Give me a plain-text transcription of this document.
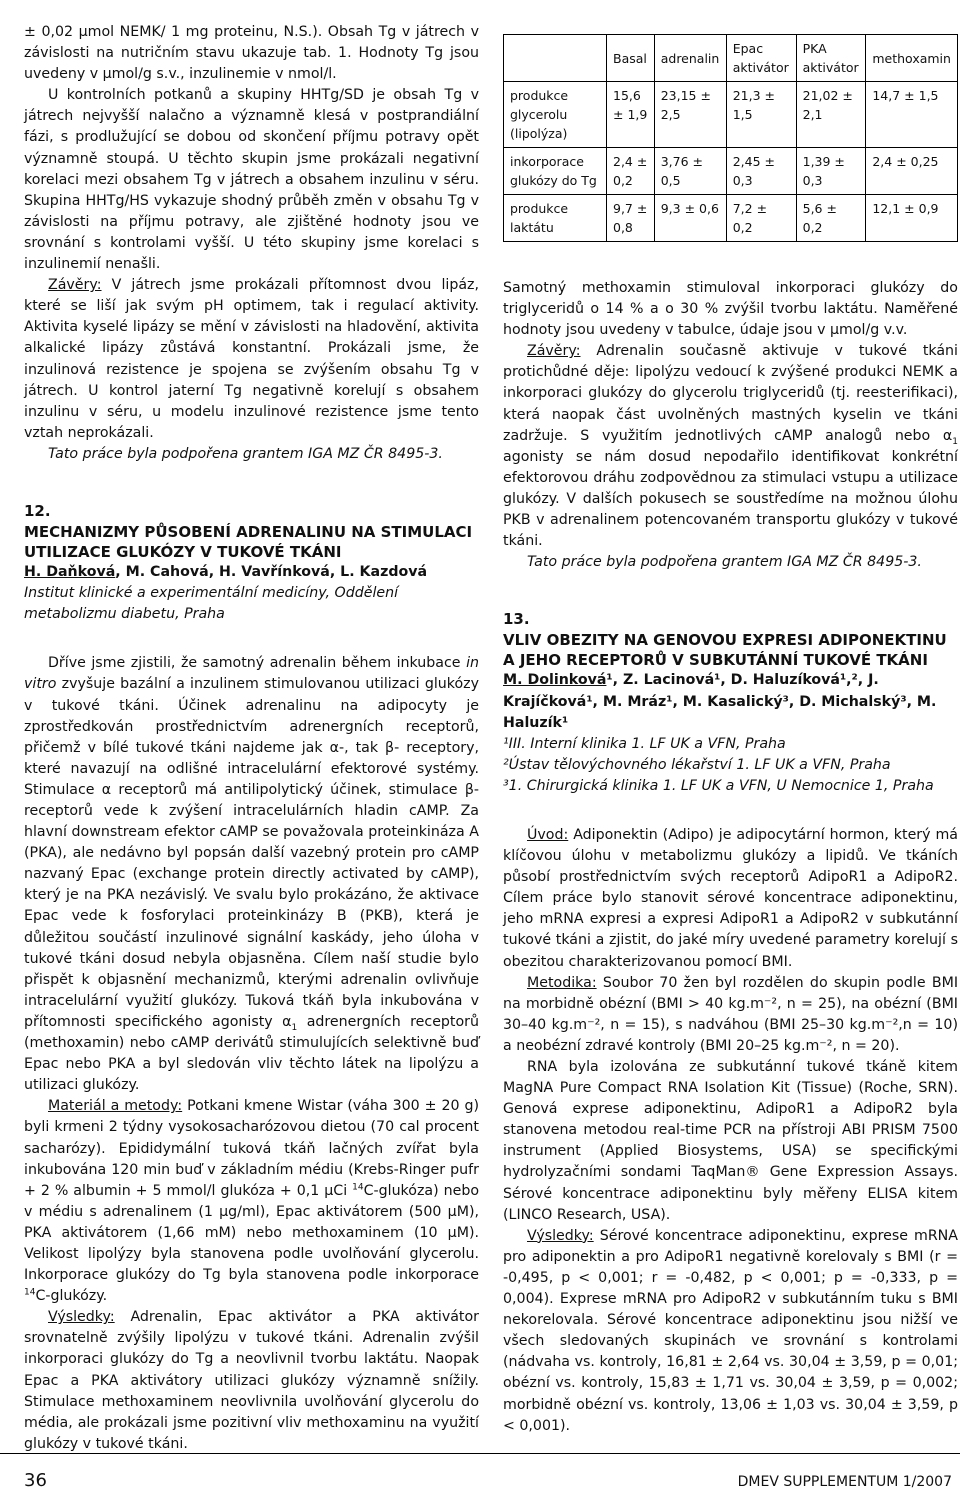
± 0,02 µmol NEMK/ 1 mg proteinu, N.S.). Obsah Tg v játrech v závislosti na nutričním stavu ukazuje tab. 1. Hodnoty Tg jsou uvedeny v µmol/g s.v., inzulinemie v nmol/l.

U kontrolních potkanů a skupiny HHTg/SD je obsah Tg v játrech nejvyšší nalačno a významně klesá v postprandiální fázi, s prodlužující se dobou od skončení příjmu potravy opět významně stoupá. U těchto skupin jsme prokázali negativní korelaci mezi obsahem Tg v játrech a obsahem inzulinu v séru. Skupina HHTg/HS vykazuje shodný průběh změn v obsahu Tg v závislosti na příjmu potravy, ale zjištěné hodnoty jsou ve srovnání s kontrolami vyšší. U této skupiny jsme korelaci s inzulinemií nenašli.

Závěry: V játrech jsme prokázali přítomnost dvou lipáz, které se liší jak svým pH optimem, tak i regulací aktivity. Aktivita kyselé lipázy se mění v závislosti na hladovění, aktivita alkalické lipázy zůstává konstantní. Prokázali jsme, že inzulinová rezistence je spojena se zvýšením obsahu Tg v játrech. U kontrol jaterní Tg negativně korelují s obsahem inzulinu v séru, u modelu inzulinové rezistence jsme tento vztah neprokázali.

Tato práce byla podpořena grantem IGA MZ ČR 8495-3.

12.
MECHANIZMY PŮSOBENÍ ADRENALINU NA STIMULACI UTILIZACE GLUKÓZY V TUKOVÉ TKÁNI
H. Daňková, M. Cahová, H. Vavřínková, L. Kazdová
Institut klinické a experimentální medicíny, Oddělení metabolizmu diabetu, Praha

Dříve jsme zjistili, že samotný adrenalin během inkubace in vitro zvyšuje bazální a inzulinem stimulovanou utilizaci glukózy v tukové tkáni. Účinek adrenalinu na adipocyty je zprostředkován prostřednictvím adrenergních receptorů, přičemž v bílé tukové tkáni najdeme jak α-, tak β- receptory, které navazují na odlišné intracelulární efektorové systémy. Stimulace α receptorů má antilipolytický účinek, stimulace β- receptorů vede k zvýšení intracelulárních hladin cAMP. Za hlavní downstream efektor cAMP se považovala proteinkináza A (PKA), ale nedávno byl popsán další vazebný protein pro cAMP nazvaný Epac (exchange protein directly activated by cAMP), který je na PKA nezávislý. Ve svalu bylo prokázáno, že aktivace Epac vede k fosforylaci proteinkinázy B (PKB), která je důležitou součástí inzulinové signální kaskády, jeho úloha v tukové tkáni dosud nebyla objasněna. Cílem naší studie bylo přispět k objasnění mechanizmů, kterými adrenalin ovlivňuje intracelulární využití glukózy. Tuková tkáň byla inkubována v přítomnosti specifického agonisty $\alpha_1$ adrenergních receptorů (methoxamin) nebo cAMP derivátů stimulujících selektivně buď Epac nebo PKA a byl sledován vliv těchto látek na lipolýzu a utilizaci glukózy.

Materiál a metody: Potkani kmene Wistar (váha 300 ± 20 g) byli krmeni 2 týdny vysokosacharózovou dietou (70 cal procent sacharózy). Epididymální tuková tkáň lačných zvířat byla inkubována 120 min buď v základním médiu (Krebs-Ringer pufr + 2 % albumin + 5 mmol/l glukóza + 0,1 µCi $^{14}$C-glukóza) nebo v médiu s adrenalinem (1 µg/ml), Epac aktivátorem (500 µM), PKA aktivátorem (1,66 mM) nebo methoxaminem (10 µM). Velikost lipolýzy byla stanovena podle uvolňování glycerolu. Inkorporace glukózy do Tg byla stanovena podle inkorporace $^{14}$C-glukózy.

Výsledky: Adrenalin, Epac aktivátor a PKA aktivátor srovnatelně zvýšily lipolýzu v tukové tkáni. Adrenalin zvýšil inkorporaci glukózy do Tg a neovlivnil tvorbu laktátu. Naopak Epac a PKA aktivátory utilizaci glukózy významně snížily. Stimulace methoxaminem neovlivnila uvolňování glycerolu do média, ale prokázali jsme pozitivní vliv methoxaminu na využití glukózy v tukové tkáni.

	Basal	adrenalin	Epac aktivátor	PKA aktivátor	methoxamin
produkce glycerolu (lipolýza)	15,6 ± 1,9	23,15 ± 2,5	21,3 ± 1,5	21,02 ± 2,1	14,7 ± 1,5
inkorporace glukózy do Tg	2,4 ± 0,2	3,76 ± 0,5	2,45 ± 0,3	1,39 ± 0,3	2,4 ± 0,25
produkce laktátu	9,7 ± 0,8	9,3 ± 0,6	7,2 ± 0,2	5,6 ± 0,2	12,1 ± 0,9

Samotný methoxamin stimuloval inkorporaci glukózy do triglyceridů o 14 % a o 30 % zvýšil tvorbu laktátu. Naměřené hodnoty jsou uvedeny v tabulce, údaje jsou v µmol/g v.v.

Závěry: Adrenalin současně aktivuje v tukové tkáni protichůdné děje: lipolýzu vedoucí k zvýšené produkci NEMK a inkorporaci glukózy do glycerolu triglyceridů (tj. reesterifikaci), která naopak část uvolněných mastných kyselin ve tkáni zadržuje. S využitím jednotlivých cAMP analogů nebo $\alpha_1$ agonisty se nám dosud nepodařilo identifikovat konkrétní efektorovou dráhu zodpovědnou za stimulaci vstupu a utilizace glukózy. V dalších pokusech se soustředíme na možnou úlohu PKB v adrenalinem potencovaném transportu glukózy v tukové tkáni.

Tato práce byla podpořena grantem IGA MZ ČR 8495-3.

13.
VLIV OBEZITY NA GENOVOU EXPRESI ADIPONEKTINU A JEHO RECEPTORŮ V SUBKUTÁNNÍ TUKOVÉ TKÁNI
M. Dolinková¹, Z. Lacinová¹, D. Haluzíková¹,², J. Krajíčková¹, M. Mráz¹, M. Kasalický³, D. Michalský³, M. Haluzík¹
¹III. Interní klinika 1. LF UK a VFN, Praha
²Ústav tělovýchovného lékařství 1. LF UK a VFN, Praha
³1. Chirurgická klinika 1. LF UK a VFN, U Nemocnice 1, Praha

Úvod: Adiponektin (Adipo) je adipocytární hormon, který má klíčovou úlohu v metabolizmu glukózy a lipidů. Ve tkáních působí prostřednictvím svých receptorů AdipoR1 a AdipoR2. Cílem práce bylo stanovit sérové koncentrace adiponektinu, jeho mRNA expresi a expresi AdipoR1 a AdipoR2 v subkutánní tukové tkáni a zjistit, do jaké míry uvedené parametry korelují s obezitou charakterizovanou pomocí BMI.

Metodika: Soubor 70 žen byl rozdělen do skupin podle BMI na morbidně obézní (BMI > 40 kg.m⁻², n = 25), na obézní (BMI 30–40 kg.m⁻², n = 15), s nadváhou (BMI 25–30 kg.m⁻²,n = 10) a neobézní zdravé kontroly (BMI 20–25 kg.m⁻², n = 20).

RNA byla izolována ze subkutánní tukové tkáně kitem MagNA Pure Compact RNA Isolation Kit (Tissue) (Roche, SRN). Genová exprese adiponektinu, AdipoR1 a AdipoR2 byla stanovena metodou real-time PCR na přístroji ABI PRISM 7500 instrument (Applied Biosystems, USA) se specifickými hydrolyzačními sondami TaqMan® Gene Expression Assays. Sérové koncentrace adiponektinu byly měřeny ELISA kitem (LINCO Research, USA).

Výsledky: Sérové koncentrace adiponektinu, exprese mRNA pro adiponektin a pro AdipoR1 negativně korelovaly s BMI (r = -0,495, p < 0,001; r = -0,482, p < 0,001; p = -0,333, p = 0,004). Exprese mRNA pro AdipoR2 v subkutánním tuku s BMI nekorelovala. Sérové koncentrace adiponektinu jsou nižší ve všech sledovaných skupinách ve srovnání s kontrolami (nádvaha vs. kontroly, 16,81 ± 2,64 vs. 30,04 ± 3,59, p = 0,01; obézní vs. kontroly, 15,83 ± 1,71 vs. 30,04 ± 3,59, p = 0,002; morbidně obézní vs. kontroly, 13,06 ± 1,03 vs. 30,04 ± 3,59, p < 0,001).

36	DMEV SUPPLEMENTUM 1/2007
